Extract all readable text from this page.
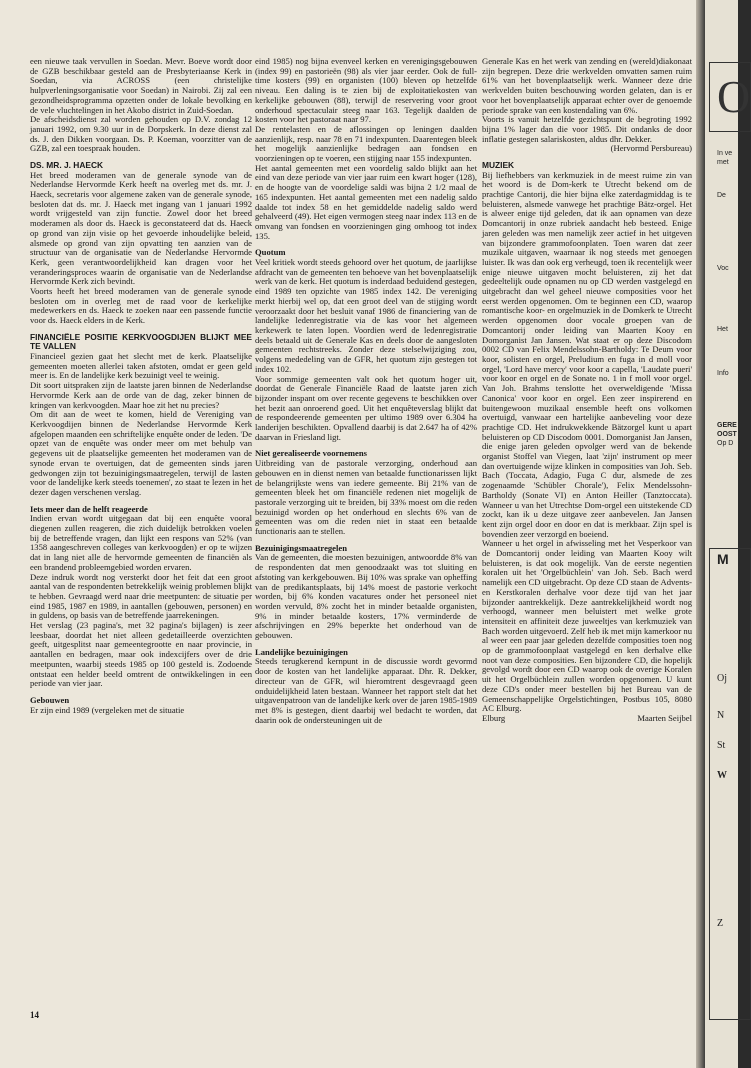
een nieuwe taak vervullen in Soedan. Mevr. Boeve wordt door de GZB beschikbaar gesteld aan de Presbyteriaanse Kerk in Soedan, via ACROSS (een christelijke hulpverleningsorganisatie voor Soedan) in Nairobi. Zij zal een gezondheidsprogramma opzetten onder de lokale bevolking en de vele vluchtelingen in het Akobo district in Zuid-Soedan.

De afscheidsdienst zal worden gehouden op D.V. zondag 12 januari 1992, om 9.30 uur in de Dorpskerk. In deze dienst zal ds. J. den Dikken voorgaan. Ds. P. Koeman, voorzitter van de GZB, zal een toespraak houden.

DS. MR. J. HAECK

Het breed moderamen van de generale synode van de Nederlandse Hervormde Kerk heeft na overleg met ds. mr. J. Haeck, secretaris voor algemene zaken van de generale synode, besloten dat ds. mr. J. Haeck met ingang van 1 januari 1992 wordt vrijgesteld van zijn functie. Zowel door het breed moderamen als door ds. Haeck is geconstateerd dat ds. Haeck op grond van zijn visie op het gevoerde inhoudelijke beleid, alsmede op grond van zijn opvatting ten aanzien van de structuur van de organisatie van de Nederlandse Hervormde Kerk, geen verantwoordelijkheid kan dragen voor het veranderingsproces waarin de organisatie van de Nederlandse Hervormde Kerk zich bevindt.

Voorts heeft het breed moderamen van de generale synode besloten om in overleg met de raad voor de kerkelijke medewerkers en ds. Haeck te zoeken naar een passende functie voor ds. Haeck elders in de Kerk.

FINANCIËLE POSITIE KERKVOOGDIJEN BLIJKT MEE TE VALLEN

Financieel gezien gaat het slecht met de kerk. Plaatselijke gemeenten moeten allerlei taken afstoten, omdat er geen geld meer is. En de landelijke kerk bezuinigt veel te weinig.

Dit soort uitspraken zijn de laatste jaren binnen de Nederlandse Hervormde Kerk aan de orde van de dag, zeker binnen de kringen van kerkvoogden. Maar hoe zit het nu precies?

Om dit aan de weet te komen, hield de Vereniging van Kerkvoogdijen binnen de Nederlandse Hervormde Kerk afgelopen maanden een schriftelijke enquête onder de leden. 'De opzet van de enquête was onder meer om met behulp van gegevens uit de plaatselijke gemeenten het moderamen van de synode ervan te overtuigen, dat de gemeenten sinds jaren gedwongen zijn tot bezuinigingsmaatregelen, terwijl de lasten voor de landelijke kerk steeds toenemen', zo staat te lezen in het dezer dagen verschenen verslag.

Iets meer dan de helft reageerde

Indien ervan wordt uitgegaan dat bij een enquête vooral diegenen zullen reageren, die zich duidelijk betrokken voelen bij de betreffende vragen, dan lijkt een respons van 52% (van 1358 aangeschreven colleges van kerkvoogden) er op te wijzen dat in lang niet alle de hervormde gemeenten de financiën als een brandend probleemgebied worden ervaren.

Deze indruk wordt nog versterkt door het feit dat een groot aantal van de respondenten betrekkelijk weinig problemen blijkt te hebben. Gevraagd werd naar drie meetpunten: de situatie per eind 1985, 1987 en 1989, in aantallen (gebouwen, personen) en in guldens, op basis van de betreffende jaarrekeningen.

Het verslag (23 pagina's, met 32 pagina's bijlagen) is zeer leesbaar, doordat het niet alleen gedetailleerde overzichten geeft, uitgesplitst naar gemeentegrootte en naar provincie, in aantallen en bedragen, maar ook indexcijfers over de drie meetpunten, waarbij steeds 1985 op 100 gesteld is. Zodoende ontstaat een helder beeld omtrent de ontwikkelingen in een periode van vier jaar.

Gebouwen

Er zijn eind 1989 (vergeleken met de situatie

eind 1985) nog bijna evenveel kerken en verenigingsgebouwen (index 99) en pastorieën (98) als vier jaar eerder. Ook de full-time kosters (99) en organisten (100) bleven op hetzelfde niveau. Een daling is te zien bij de exploitatiekosten van kerkelijke gebouwen (88), terwijl de reservering voor groot onderhoud spectaculair steeg naar 163. Tegelijk daalden de kosten voor het pastoraat naar 97.

De rentelasten en de aflossingen op leningen daalden aanzienlijk, resp. naar 78 en 71 indexpunten. Daarentegen bleek het mogelijk aanzienlijke bedragen aan fondsen en voorzieningen op te voeren, een stijging naar 155 indexpunten.

Het aantal gemeenten met een voordelig saldo blijkt aan het eind van deze periode van vier jaar ruim een kwart hoger (128), en de hoogte van de voordelige saldi was bijna 2 1/2 maal de 165 indexpunten. Het aantal gemeenten met een nadelig saldo daalde tot index 58 en het gemiddelde nadelig saldo werd gehalveerd (49). Het eigen vermogen steeg naar index 113 en de omvang van fondsen en voorzieningen ging omhoog tot index 135.

Quotum

Veel kritiek wordt steeds gehoord over het quotum, de jaarlijkse afdracht van de gemeenten ten behoeve van het bovenplaatselijk werk van de kerk. Het quotum is inderdaad beduidend gestegen, eind 1989 ten opzichte van 1985 index 142. De vereniging merkt hierbij wel op, dat een groot deel van de stijging wordt veroorzaakt door het besluit vanaf 1986 de financiering van de landelijke ledenregistratie via de kas voor het algemeen kerkewerk te laten lopen. Voordien werd de ledenregistratie deels betaald uit de Generale Kas en deels door de aangesloten gemeenten rechtstreeks. Zonder deze stelselwijziging zou, volgens mededeling van de GFR, het quotum zijn gestegen tot index 102.

Voor sommige gemeenten valt ook het quotum hoger uit, doordat de Generale Financiële Raad de laatste jaren zich bijzonder inspant om over recente gegevens te beschikken over het bezit aan onroerend goed. Uit het enquêteverslag blijkt dat de respondeerende gemeenten per ultimo 1989 over 6.304 ha landerijen beschikten. Opvallend daarbij is dat 2.647 ha of 42% daarvan in Friesland ligt.

Niet gerealiseerde voornemens

Uitbreiding van de pastorale verzorging, onderhoud aan gebouwen en in dienst nemen van betaalde functionarissen lijkt de belangrijkste wens van iedere gemeente. Bij 21% van de gemeenten bleek het om financiële redenen niet mogelijk de pastorale verzorging uit te breiden, bij 33% moest om die reden bezuinigd worden op het onderhoud en slechts 6% van de gemeenten was om die reden niet in staat een betaalde functionaris aan te stellen.

Bezuinigingsmaatregelen

Van de gemeenten, die moesten bezuinigen, antwoordde 8% van de respondenten dat men genoodzaakt was tot sluiting en afstoting van kerkgebouwen. Bij 10% was sprake van opheffing van de predikantsplaats, bij 14% moest de pastorie verkocht worden, bij 6% konden vacatures onder het personeel niet worden vervuld, 8% zocht het in minder betaalde organisten, 9% in minder betaalde kosters, 17% verminderde de afschrijvingen en 29% beperkte het onderhoud van de gebouwen.

Landelijke bezuinigingen

Steeds terugkerend kernpunt in de discussie wordt gevormd door de kosten van het landelijke apparaat. Dhr. R. Dekker, directeur van de GFR, wil hieromtrent desgevraagd geen onduidelijkheid laten bestaan. Wanneer het rapport stelt dat het uitgavenpatroon van de landelijke kerk over de jaren 1985-1989 met 8% is gestegen, dient daarbij wel bedacht te worden, dat daarin ook de ondersteuningen uit de

Generale Kas en het werk van zending en (wereld)diakonaat zijn begrepen. Deze drie werkvelden omvatten samen ruim 61% van het bovenplaatselijk werk. Wanneer deze drie werkvelden buiten beschouwing worden gelaten, dan is er voor het bovenplaatselijk apparaat echter over de genoemde periode sprake van een kostendaling van 6%.

Voorts is vanuit hetzelfde gezichtspunt de begroting 1992 bijna 1% lager dan die voor 1985. Dit ondanks de door inflatie gestegen salariskosten, aldus dhr. Dekker.

(Hervormd Persbureau)

MUZIEK

Bij liefhebbers van kerkmuziek in de meest ruime zin van het woord is de Dom-kerk te Utrecht bekend om de prachtige Cantorij, die hier bijna elke zaterdagmiddag is te beluisteren, alsmede vanwege het prachtige Bätz-orgel. Het is alweer enige tijd geleden, dat ik aan opnamen van deze Domcantorij in onze rubriek aandacht heb besteed. Enige jaren geleden was men namelijk zeer actief in het uitgeven van bijzondere grammofoonplaten. Toen waren dat zeer muzikale uitgaven, waarnaar ik nog steeds met genoegen luister. Ik was dan ook erg verheugd, toen ik recentelijk weer enige nieuwe uitgaven mocht beluisteren, zij het dat gedeeltelijk oude opnamen nu op CD werden vastgelegd en uitgebracht dan wel geheel nieuwe composities voor het eerst werden opgenomen. Om te beginnen een CD, waarop romantische koor- en orgelmuziek in de Domkerk te Utrecht werden opgenomen door vocale groepen van de Domcantorij onder leiding van Maarten Kooy en Domorganist Jan Jansen. Wat staat er op deze Discodom 0002 CD van Felix Mendelssohn-Bartholdy: Te Deum voor koor, solisten en orgel, Preludium en fuga in d moll voor orgel, 'Lord have mercy' voor koor a capella, 'Laudate pueri' voor koor en orgel en de Sonate no. 1 in f moll voor orgel. Van Joh. Brahms tenslotte het overweldigende 'Missa Canonica' voor koor en orgel. Een zeer inspirerend en buitengewoon muzikaal ensemble heeft ons volkomen overtuigd, vanwaar een hartelijke aanbeveling voor deze prachtige CD. Het indrukwekkende Bätzorgel kunt u apart beluisteren op CD Discodom 0001. Domorganist Jan Jansen, die enige jaren geleden opvolger werd van de bekende organist Stoffel van Viegen, laat 'zijn' instrument op meer dan overtuigende wijze klinken in composities van Joh. Seb. Bach (Toccata, Adagio, Fuga C dur, alsmede de zes zogenaamde 'Schübler Chorale'), Felix Mendelssohn-Bartholdy (Sonate VI) en Anton Heiller (Tanztoccata). Wanneer u van het Utrechtse Dom-orgel een uitstekende CD zockt, kan ik u deze uitgave zeer aanbevelen. Jan Jansen kent zijn orgel door en door en dat is merkbaar. Zijn spel is bovendien zeer verzorgd en boeiend.

Wanneer u het orgel in afwisseling met het Vesperkoor van de Domcantorij onder leiding van Maarten Kooy wilt beluisteren, is dat ook mogelijk. Van de eerste negentien koralen uit het 'Orgelbüchlein' van Joh. Seb. Bach werd namelijk een CD uitgebracht. Op deze CD staan de Advents- en Kerstkoralen derhalve voor deze tijd van het jaar bijzonder aantrekkelijk. Deze aantrekkelijkheid wordt nog verhoogd, wanneer men beluistert met welke grote intensiteit en affiniteit deze juweeltjes van kerkmuziek van Bach worden uitgevoerd. Zelf heb ik met mijn kamerkoor nu al weer een paar jaar geleden dezelfde composities toen nog op de grammofoonplaat vastgelegd en ken derhalve elke noot van deze composities. Een bijzondere CD, die hopelijk gevolgd wordt door een CD waarop ook de overige Koralen uit het Orgelbüchlein zullen worden opgenomen. U kunt deze CD's onder meer bestellen bij het Bureau van de Gemeenschappelijke Orgelstichtingen, Postbus 105, 8080 AC Elburg.

Elburg	Maarten Seijbel

14
O
In ve
met
De
Voc
Het
Info
GERE
OOST
Op D
M
Oj
N
St
W
Z
